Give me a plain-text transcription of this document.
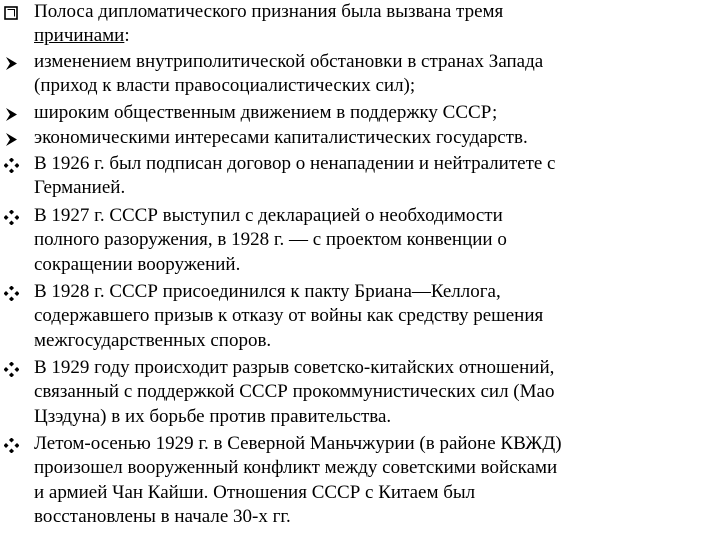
Полоса дипломатического признания была вызвана тремя
причинами:
изменением внутриполитической обстановки в странах Запада
(приход к власти правосоциалистических сил);
широким общественным движением в поддержку СССР;
экономическими интересами капиталистических государств.
В 1926 г. был подписан договор о ненападении и нейтралитете с
Германией.
В 1927 г. СССР выступил с декларацией о необходимости
полного разоружения, в 1928 г. — с проектом конвенции о
сокращении вооружений.
В 1928 г. СССР присоединился к пакту Бриана—Келлога,
содержавшего призыв к отказу от войны как средству решения
межгосударственных споров.
В 1929 году происходит разрыв советско-китайских отношений,
связанный с поддержкой СССР прокоммунистических сил (Мао
Цзэдуна) в их борьбе против правительства.
Летом-осенью 1929 г. в Северной Маньчжурии (в районе КВЖД)
произошел вооруженный конфликт между советскими войсками
и армией Чан Кайши. Отношения СССР с Китаем был
восстановлены в начале 30-х гг.
